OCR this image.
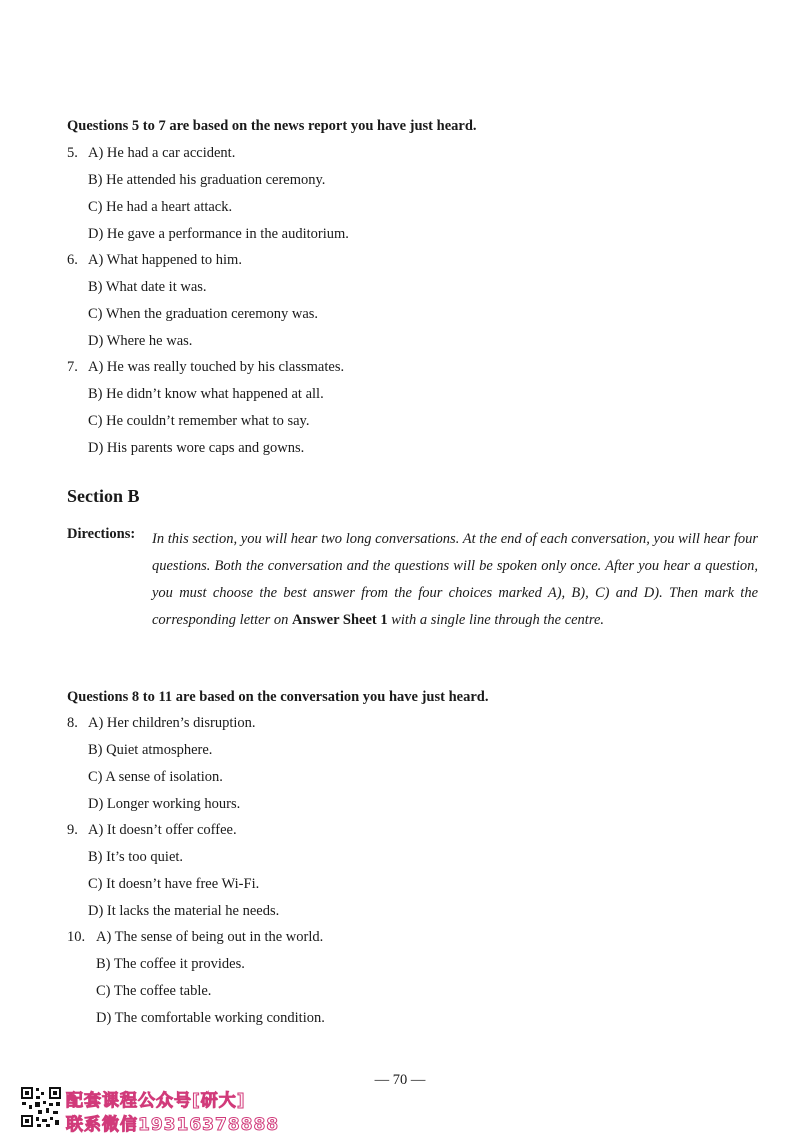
Questions 5 to 7 are based on the news report you have just heard.
5. A) He had a car accident.
B) He attended his graduation ceremony.
C) He had a heart attack.
D) He gave a performance in the auditorium.
6. A) What happened to him.
B) What date it was.
C) When the graduation ceremony was.
D) Where he was.
7. A) He was really touched by his classmates.
B) He didn’t know what happened at all.
C) He couldn’t remember what to say.
D) His parents wore caps and gowns.
Section B
Directions: In this section, you will hear two long conversations. At the end of each conversation, you will hear four questions. Both the conversation and the questions will be spoken only once. After you hear a question, you must choose the best answer from the four choices marked A), B), C) and D). Then mark the corresponding letter on Answer Sheet 1 with a single line through the centre.
Questions 8 to 11 are based on the conversation you have just heard.
8. A) Her children’s disruption.
B) Quiet atmosphere.
C) A sense of isolation.
D) Longer working hours.
9. A) It doesn’t offer coffee.
B) It’s too quiet.
C) It doesn’t have free Wi-Fi.
D) It lacks the material he needs.
10. A) The sense of being out in the world.
B) The coffee it provides.
C) The coffee table.
D) The comfortable working condition.
— 70 —
配套课程公众号[研大]
联系微信19316378888
